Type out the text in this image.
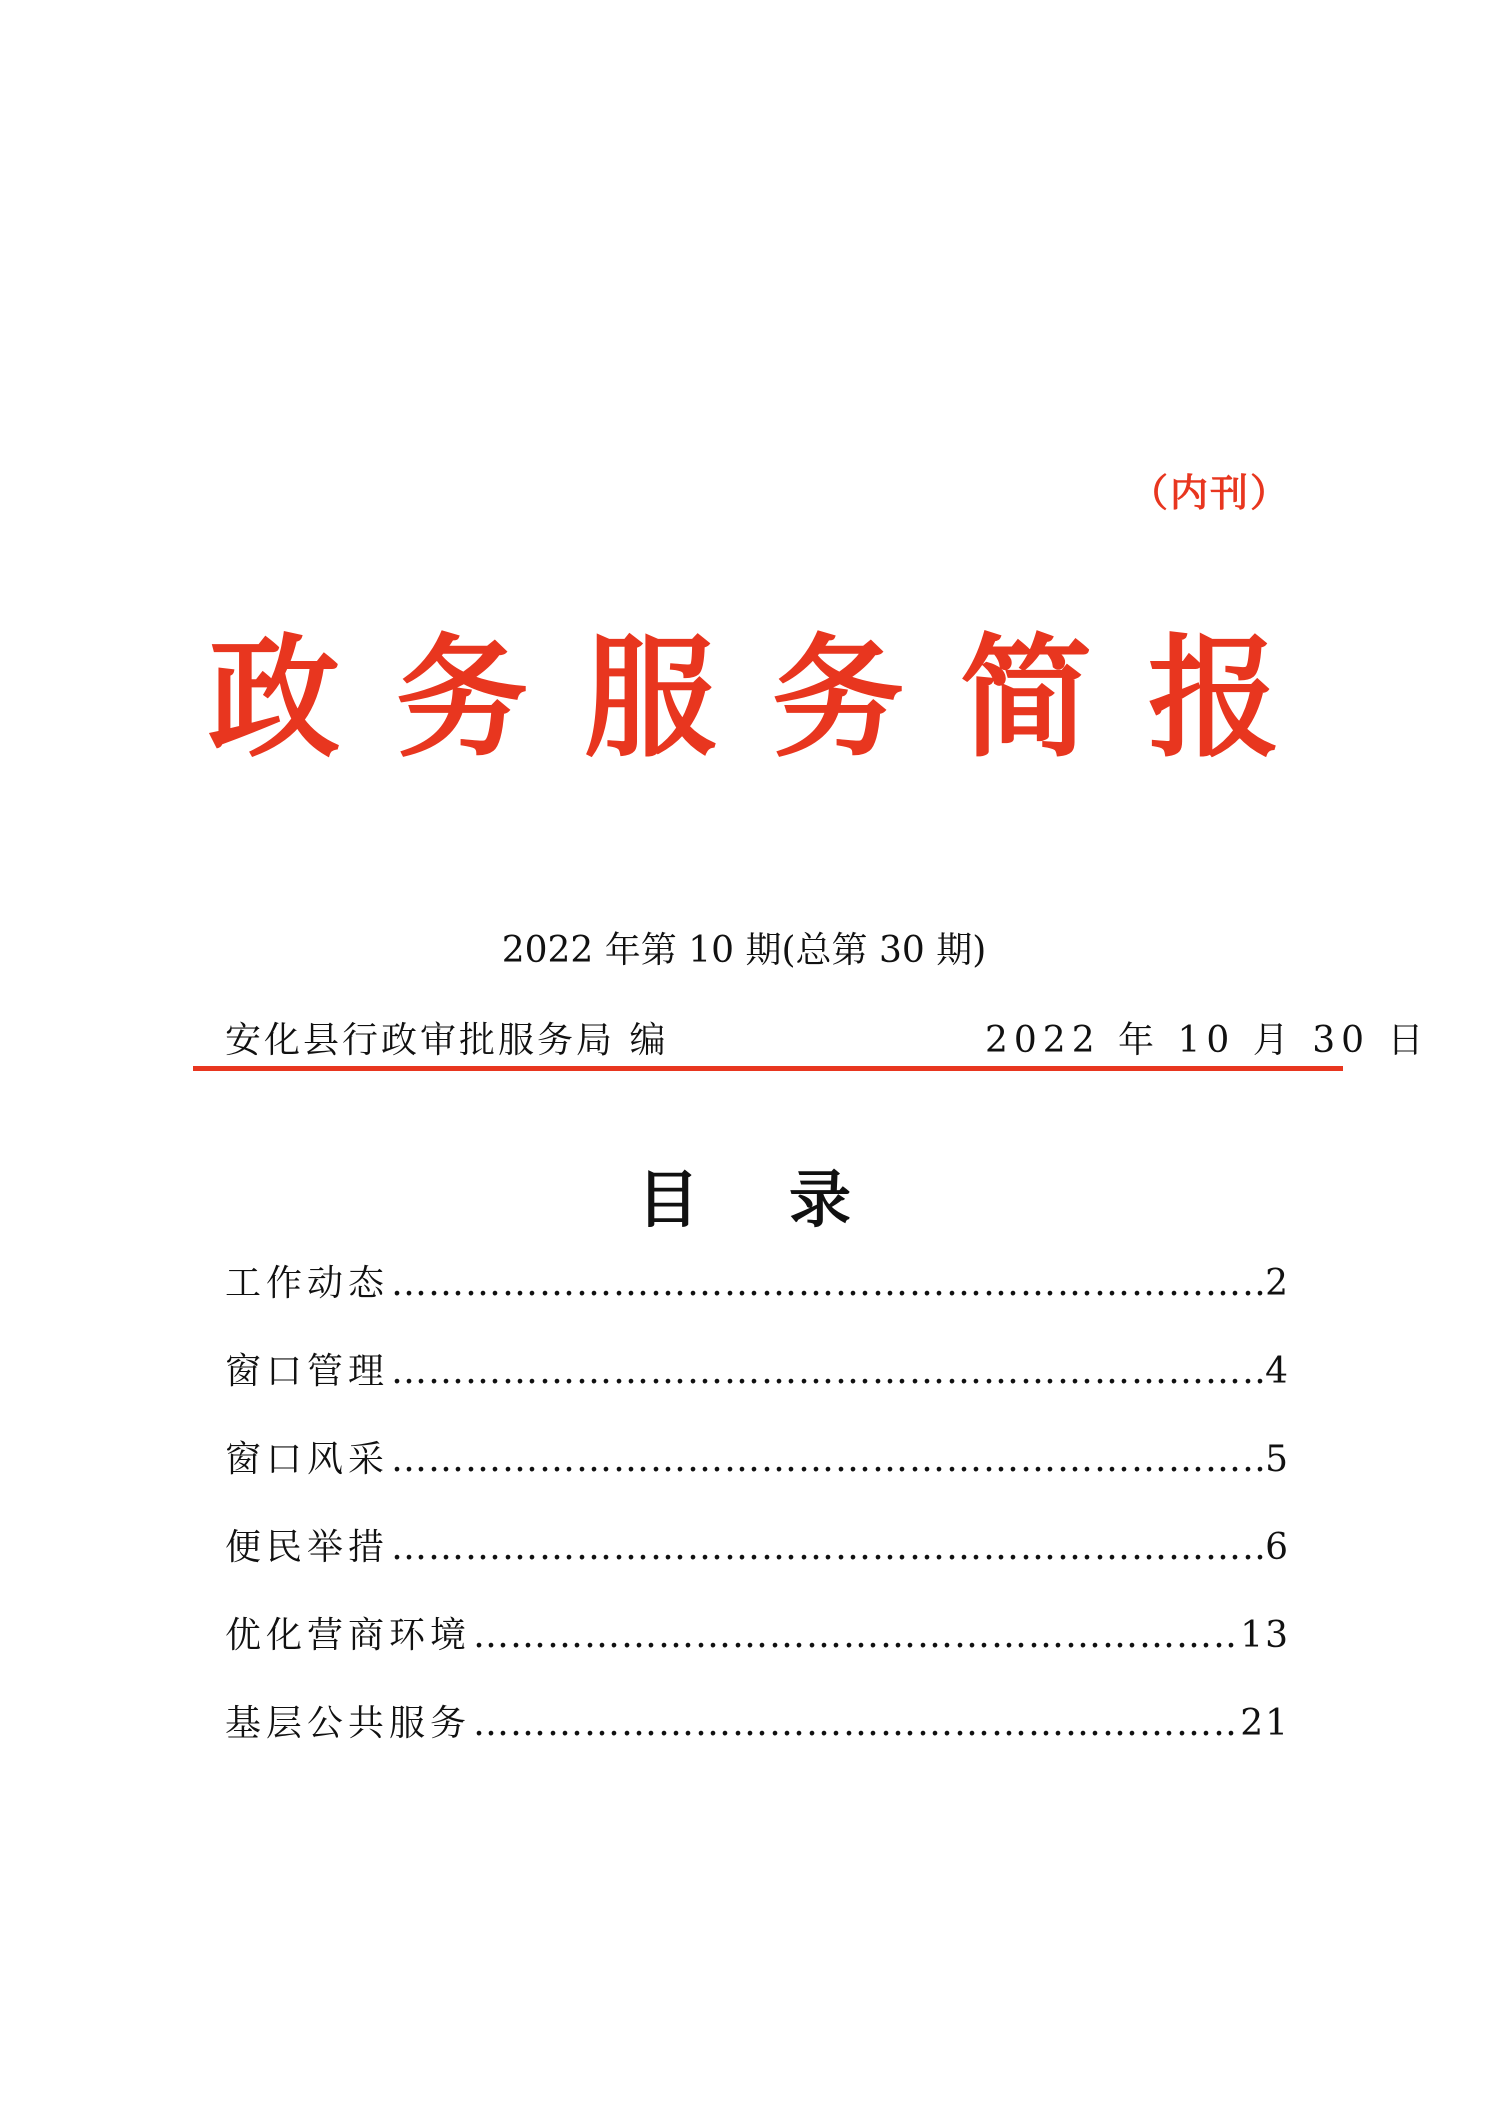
（内刊）
政务服务简报
2022 年第 10 期(总第 30 期)
安化县行政审批服务局 编	2022 年 10 月 30 日
目录
工作动态 …………………………………………………………………………………………………………………………………………………………………………	2
窗口管理 …………………………………………………………………………………………………………………………………………………………………………	4
窗口风采 …………………………………………………………………………………………………………………………………………………………………………	5
便民举措 …………………………………………………………………………………………………………………………………………………………………………	6
优化营商环境 …………………………………………………………………………………………………………………………………………………………………………	13
基层公共服务 …………………………………………………………………………………………………………………………………………………………………………	21
